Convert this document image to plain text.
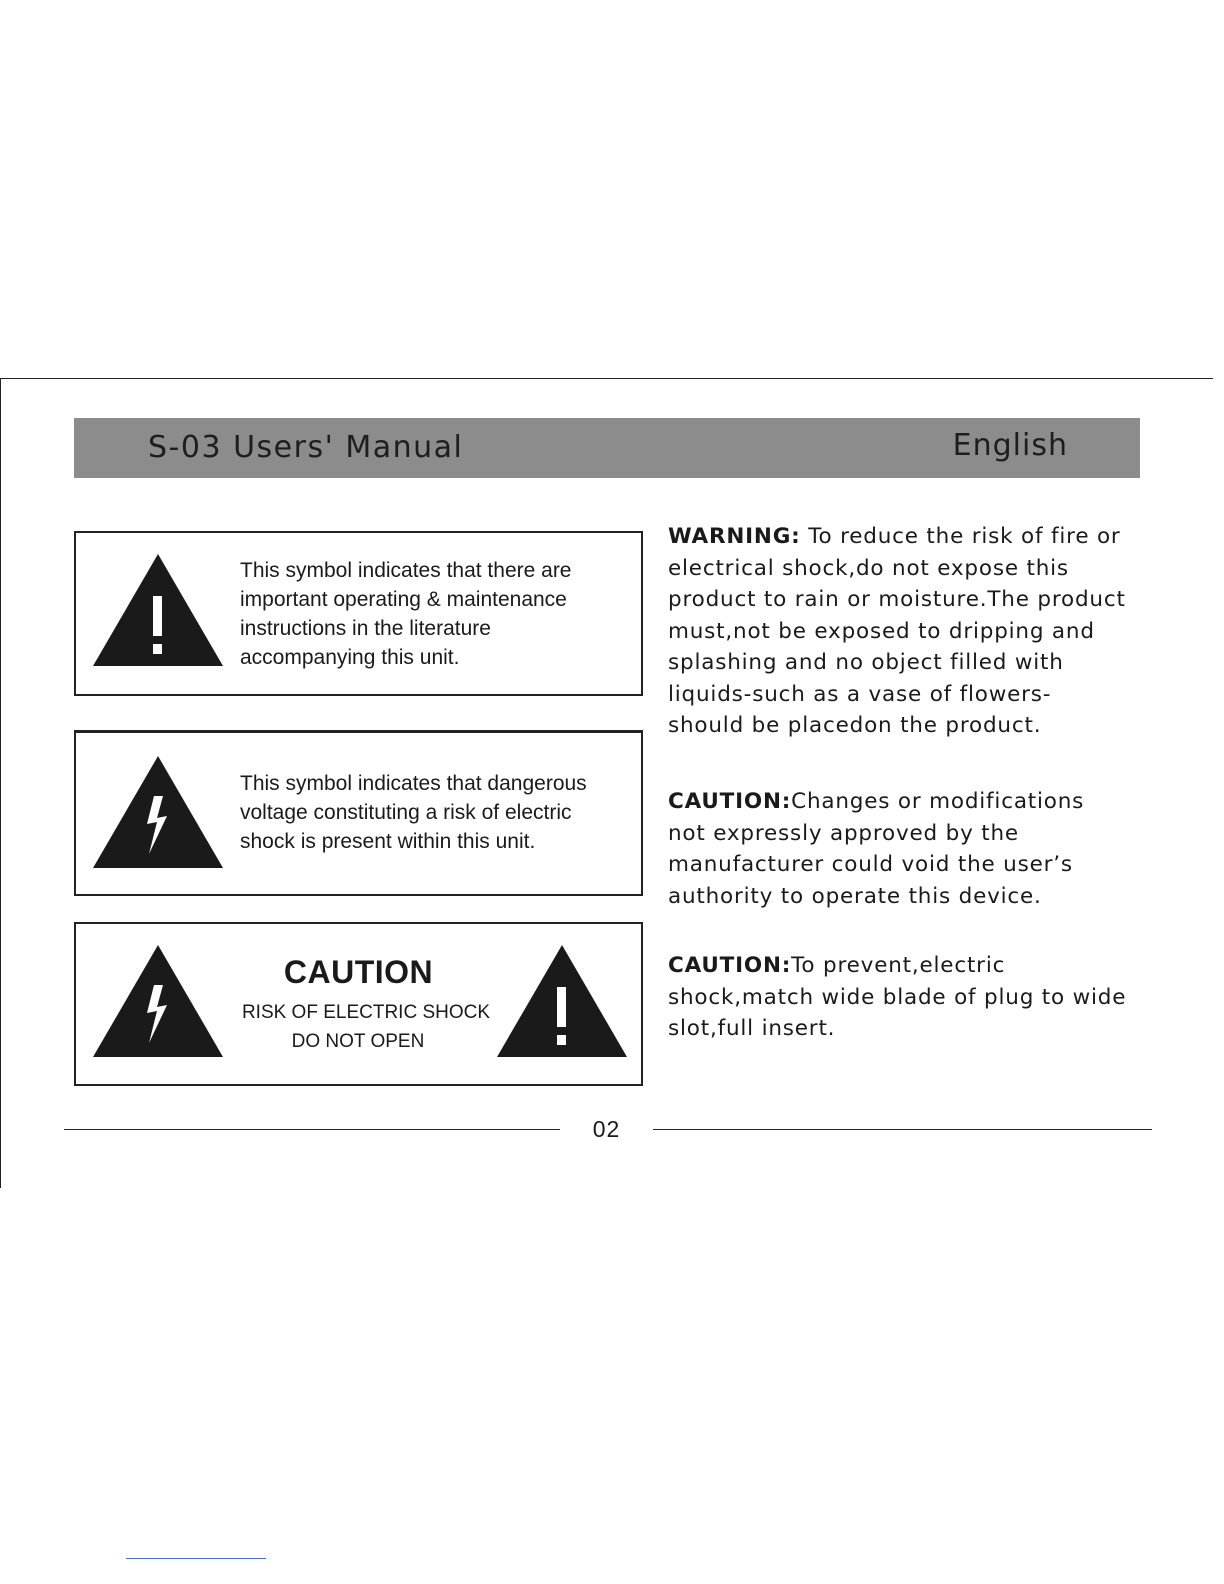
S-03 Users' Manual	English
This symbol indicates that there are
important operating & maintenance
instructions in the literature
accompanying this unit.
This symbol indicates that dangerous
voltage constituting a risk of electric
shock is present within this unit.
CAUTION
RISK OF ELECTRIC SHOCK
DO NOT OPEN
WARNING: To reduce the risk of fire or
electrical shock,do not expose this
product to rain or moisture.The product
must,not be exposed to dripping and
splashing and no object filled with
liquids-such as a vase of flowers-
should be placedon the product.
CAUTION:Changes or modifications
not expressly approved by the
manufacturer could void the user’s
authority to operate this device.
CAUTION:To prevent,electric
shock,match wide blade of plug to wide
slot,full insert.
02
